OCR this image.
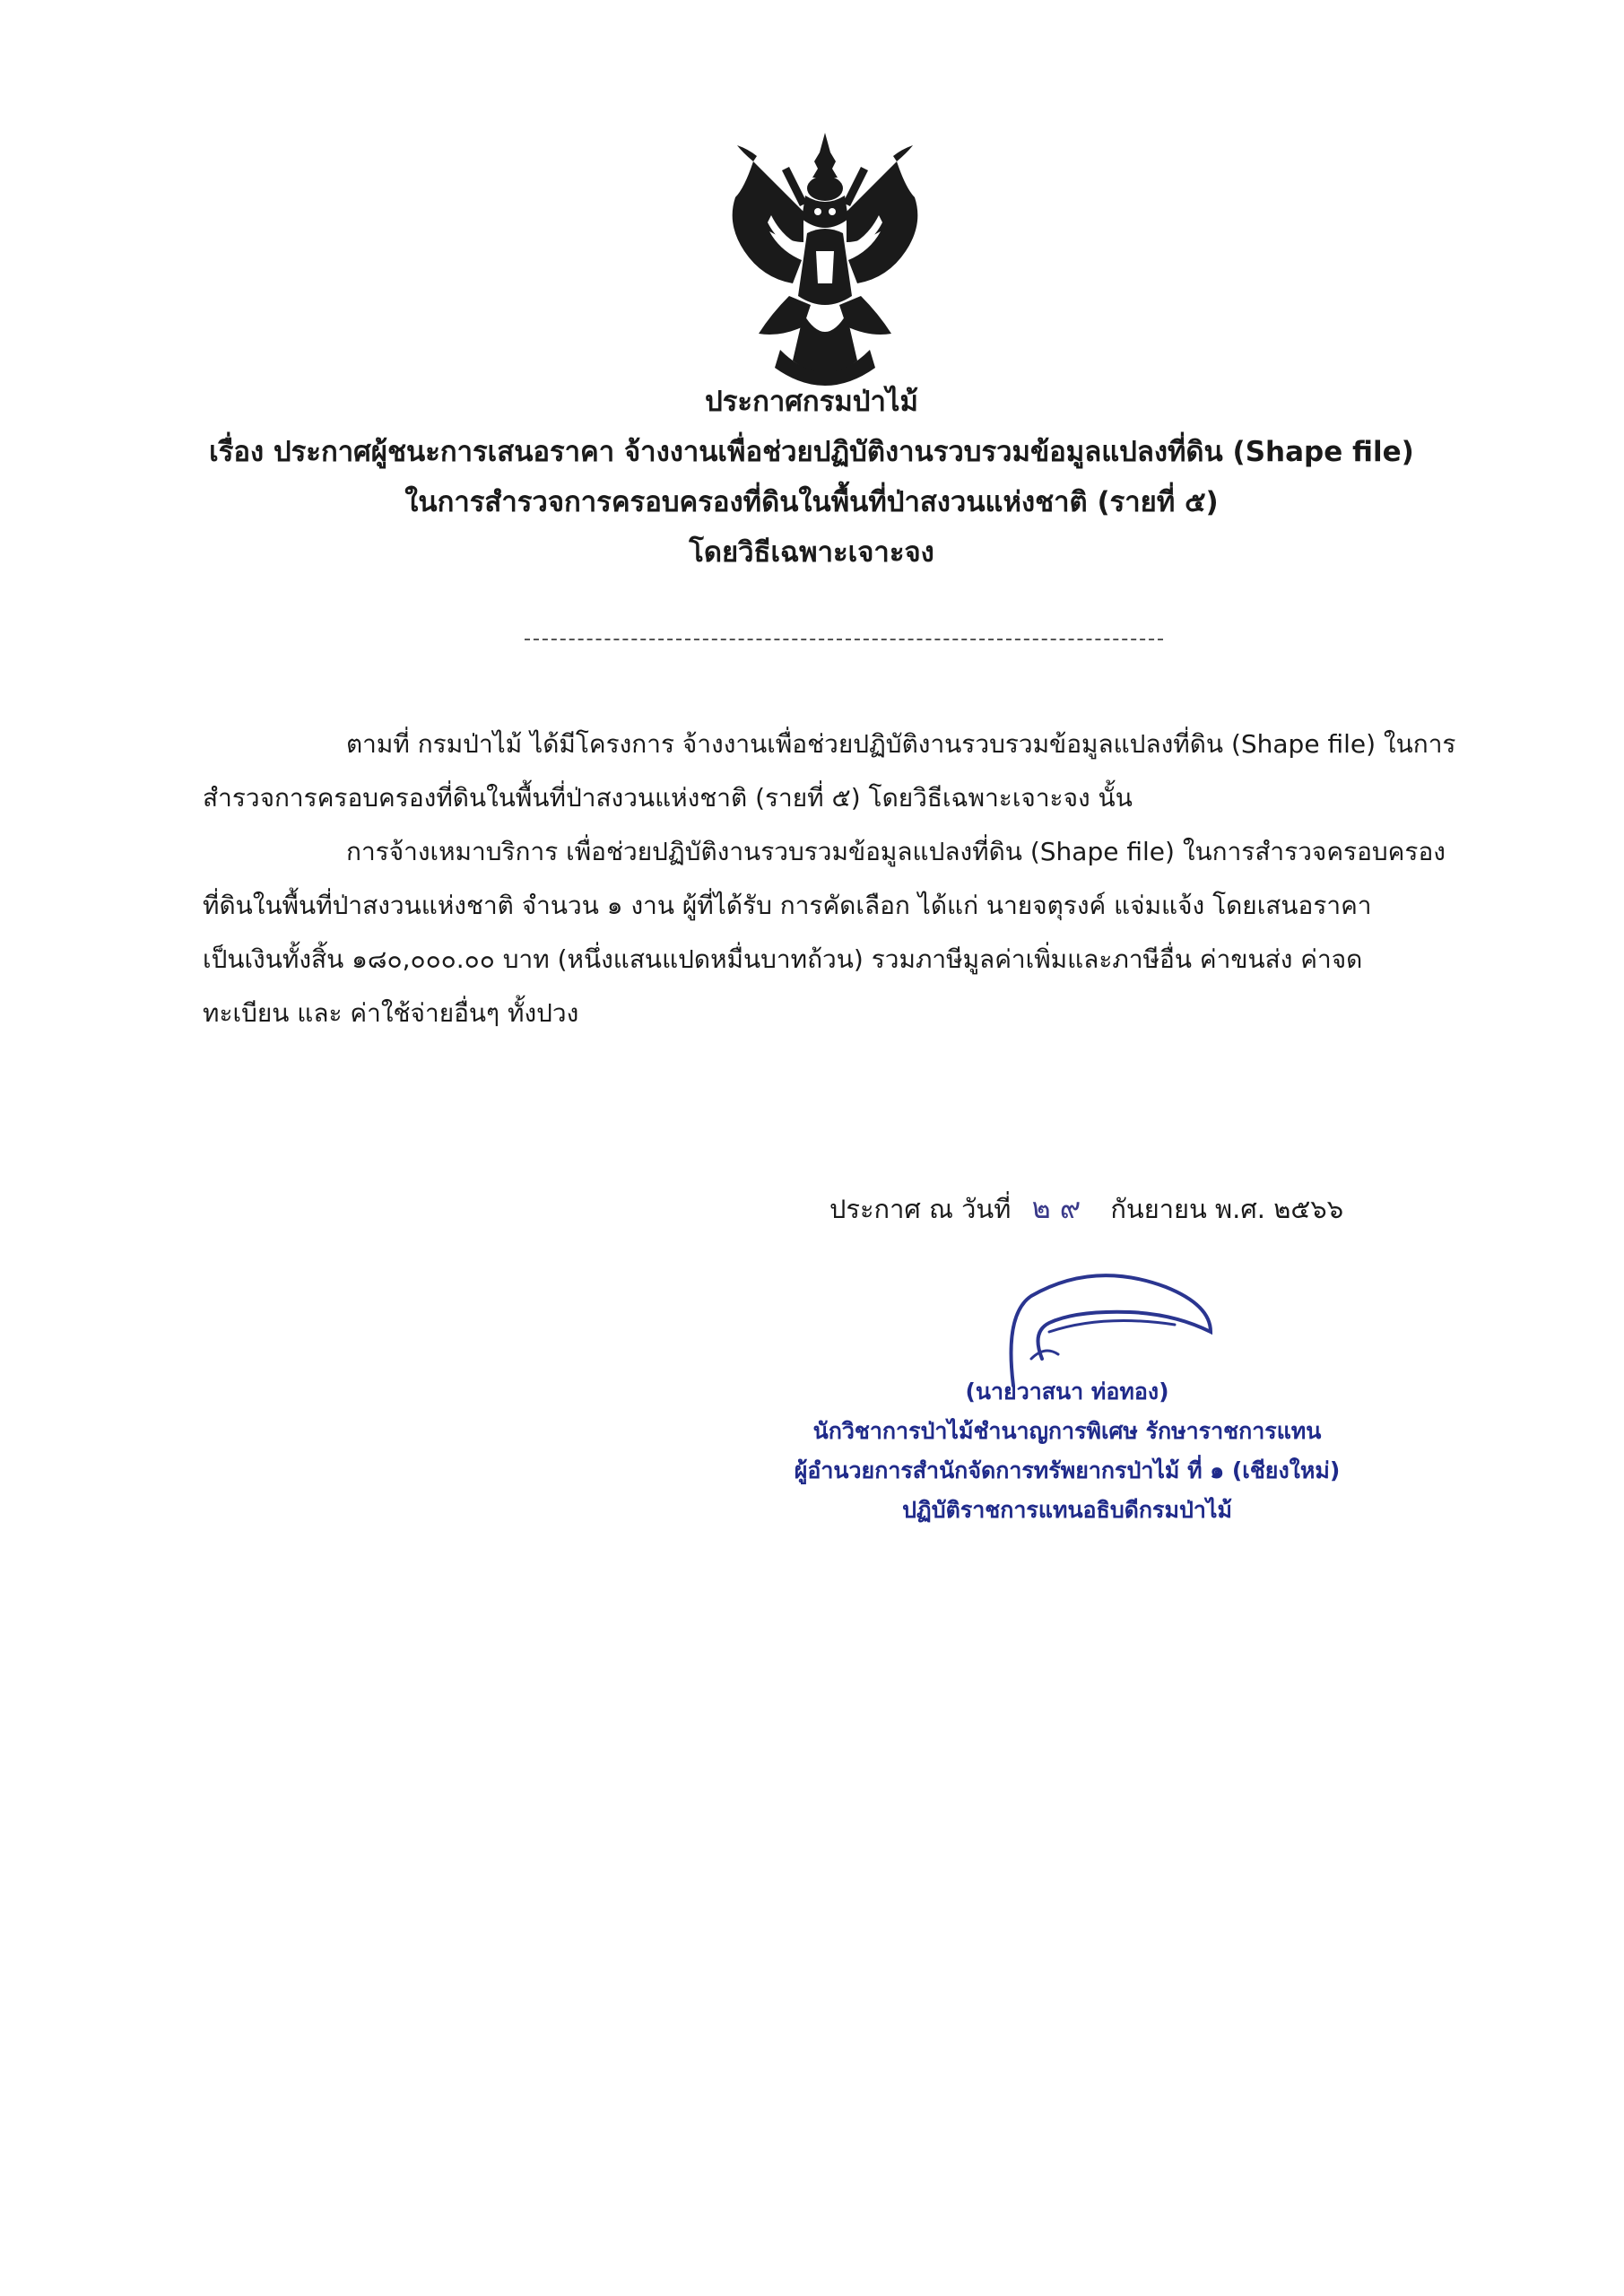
ประกาศกรมป่าไม้
เรื่อง ประกาศผู้ชนะการเสนอราคา จ้างงานเพื่อช่วยปฏิบัติงานรวบรวมข้อมูลแปลงที่ดิน (Shape file)
ในการสำรวจการครอบครองที่ดินในพื้นที่ป่าสงวนแห่งชาติ (รายที่ ๕)
โดยวิธีเฉพาะเจาะจง

ตามที่ กรมป่าไม้ ได้มีโครงการ จ้างงานเพื่อช่วยปฏิบัติงานรวบรวมข้อมูลแปลงที่ดิน (Shape file) ในการ

สำรวจการครอบครองที่ดินในพื้นที่ป่าสงวนแห่งชาติ (รายที่ ๕) โดยวิธีเฉพาะเจาะจง นั้น

การจ้างเหมาบริการ เพื่อช่วยปฏิบัติงานรวบรวมข้อมูลแปลงที่ดิน (Shape file) ในการสำรวจครอบครอง

ที่ดินในพื้นที่ป่าสงวนแห่งชาติ จำนวน ๑ งาน ผู้ที่ได้รับ การคัดเลือก ได้แก่ นายจตุรงค์ แจ่มแจ้ง โดยเสนอราคา

เป็นเงินทั้งสิ้น ๑๘๐,๐๐๐.๐๐ บาท (หนึ่งแสนแปดหมื่นบาทถ้วน) รวมภาษีมูลค่าเพิ่มและภาษีอื่น ค่าขนส่ง ค่าจด

ทะเบียน และ ค่าใช้จ่ายอื่นๆ ทั้งปวง

ประกาศ ณ วันที่ ๒๙ กันยายน พ.ศ. ๒๕๖๖
(นายวาสนา ท่อทอง)
นักวิชาการป่าไม้ชำนาญการพิเศษ รักษาราชการแทน
ผู้อำนวยการสำนักจัดการทรัพยากรป่าไม้ ที่ ๑ (เชียงใหม่)
ปฏิบัติราชการแทนอธิบดีกรมป่าไม้
